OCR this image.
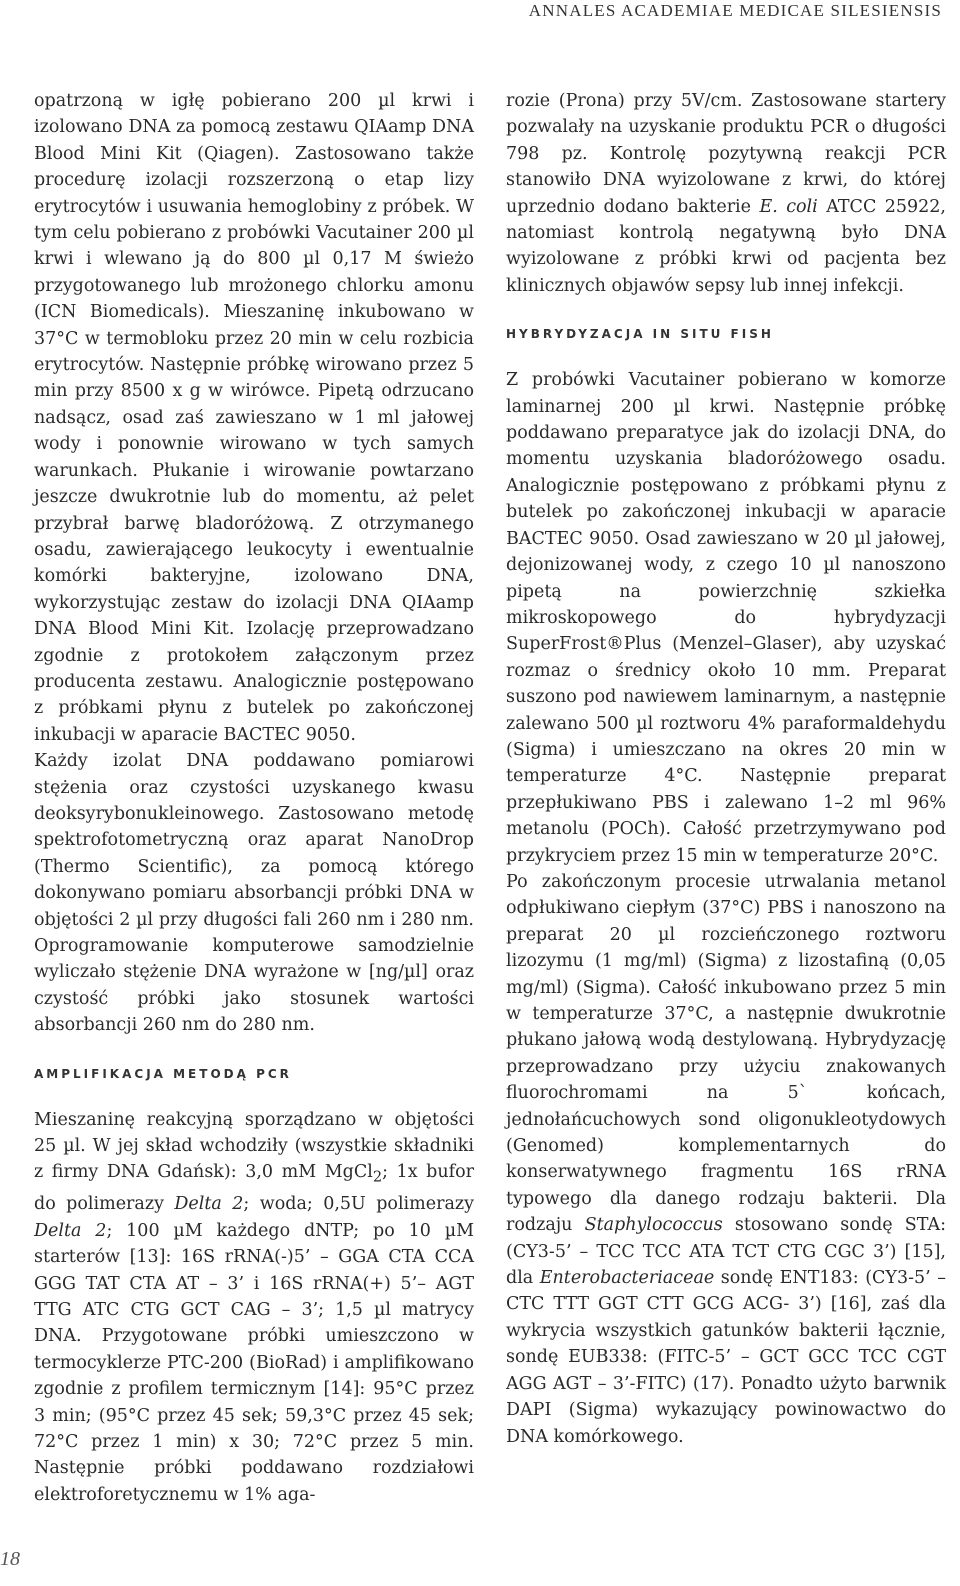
ANNALES ACADEMIAE MEDICAE SILESIENSIS

opatrzoną w igłę pobierano 200 µl krwi i izolowano DNA za pomocą zestawu QIAamp DNA Blood Mini Kit (Qiagen). Zastosowano także procedurę izolacji rozszerzoną o etap lizy erytrocytów i usuwania hemoglobiny z próbek. W tym celu pobierano z probówki Vacutainer 200 µl krwi i wlewano ją do 800 µl 0,17 M świeżo przygotowanego lub mrożonego chlorku amonu (ICN Biomedicals). Mieszaninę inkubowano w 37°C w termobloku przez 20 min w celu rozbicia erytrocytów. Następnie próbkę wirowano przez 5 min przy 8500 x g w wirówce. Pipetą odrzucano nadsącz, osad zaś zawieszano w 1 ml jałowej wody i ponownie wirowano w tych samych warunkach. Płukanie i wirowanie powtarzano jeszcze dwukrotnie lub do momentu, aż pelet przybrał barwę bladoróżową. Z otrzymanego osadu, zawierającego leukocyty i ewentualnie komórki bakteryjne, izolowano DNA, wykorzystując zestaw do izolacji DNA QIAamp DNA Blood Mini Kit. Izolację przeprowadzano zgodnie z protokołem załączonym przez producenta zestawu. Analogicznie postępowano z próbkami płynu z butelek po zakończonej inkubacji w aparacie BACTEC 9050.

Każdy izolat DNA poddawano pomiarowi stężenia oraz czystości uzyskanego kwasu deoksyrybonukleinowego. Zastosowano metodę spektrofotometryczną oraz aparat NanoDrop (Thermo Scientific), za pomocą którego dokonywano pomiaru absorbancji próbki DNA w objętości 2 µl przy długości fali 260 nm i 280 nm. Oprogramowanie komputerowe samodzielnie wyliczało stężenie DNA wyrażone w [ng/µl] oraz czystość próbki jako stosunek wartości absorbancji 260 nm do 280 nm.

AMPLIFIKACJA METODĄ PCR

Mieszaninę reakcyjną sporządzano w objętości 25 µl. W jej skład wchodziły (wszystkie składniki z firmy DNA Gdańsk): 3,0 mM MgCl$_2$; 1x bufor do polimerazy Delta 2; woda; 0,5U polimerazy Delta 2; 100 µM każdego dNTP; po 10 µM starterów [13]: 16S rRNA(-)5’ – GGA CTA CCA GGG TAT CTA AT – 3’ i 16S rRNA(+) 5’– AGT TTG ATC CTG GCT CAG – 3’; 1,5 µl matrycy DNA. Przygotowane próbki umieszczono w termocyklerze PTC-200 (BioRad) i amplifikowano zgodnie z profilem termicznym [14]: 95°C przez 3 min; (95°C przez 45 sek; 59,3°C przez 45 sek; 72°C przez 1 min) x 30; 72°C przez 5 min. Następnie próbki poddawano rozdziałowi elektroforetycznemu w 1% aga-

rozie (Prona) przy 5V/cm. Zastosowane startery pozwalały na uzyskanie produktu PCR o długości 798 pz. Kontrolę pozytywną reakcji PCR stanowiło DNA wyizolowane z krwi, do której uprzednio dodano bakterie E. coli ATCC 25922, natomiast kontrolą negatywną było DNA wyizolowane z próbki krwi od pacjenta bez klinicznych objawów sepsy lub innej infekcji.

HYBRYDYZACJA IN SITU FISH

Z probówki Vacutainer pobierano w komorze laminarnej 200 µl krwi. Następnie próbkę poddawano preparatyce jak do izolacji DNA, do momentu uzyskania bladoróżowego osadu. Analogicznie postępowano z próbkami płynu z butelek po zakończonej inkubacji w aparacie BACTEC 9050. Osad zawieszano w 20 µl jałowej, dejonizowanej wody, z czego 10 µl nanoszono pipetą na powierzchnię szkiełka mikroskopowego do hybrydyzacji SuperFrost®Plus (Menzel–Glaser), aby uzyskać rozmaz o średnicy około 10 mm. Preparat suszono pod nawiewem laminarnym, a następnie zalewano 500 µl roztworu 4% paraformaldehydu (Sigma) i umieszczano na okres 20 min w temperaturze 4°C. Następnie preparat przepłukiwano PBS i zalewano 1–2 ml 96% metanolu (POCh). Całość przetrzymywano pod przykryciem przez 15 min w temperaturze 20°C.

Po zakończonym procesie utrwalania metanol odpłukiwano ciepłym (37°C) PBS i nanoszono na preparat 20 µl rozcieńczonego roztworu lizozymu (1 mg/ml) (Sigma) z lizostafiną (0,05 mg/ml) (Sigma). Całość inkubowano przez 5 min w temperaturze 37°C, a następnie dwukrotnie płukano jałową wodą destylowaną. Hybrydyzację przeprowadzano przy użyciu znakowanych fluorochromami na 5` końcach, jednołańcuchowych sond oligonukleotydowych (Genomed) komplementarnych do konserwatywnego fragmentu 16S rRNA typowego dla danego rodzaju bakterii. Dla rodzaju Staphylococcus stosowano sondę STA: (CY3-5’ – TCC TCC ATA TCT CTG CGC 3’) [15], dla Enterobacteriaceae sondę ENT183: (CY3-5’ – CTC TTT GGT CTT GCG ACG- 3’) [16], zaś dla wykrycia wszystkich gatunków bakterii łącznie, sondę EUB338: (FITC-5’ – GCT GCC TCC CGT AGG AGT – 3’-FITC) (17). Ponadto użyto barwnik DAPI (Sigma) wykazujący powinowactwo do DNA komórkowego.

18
